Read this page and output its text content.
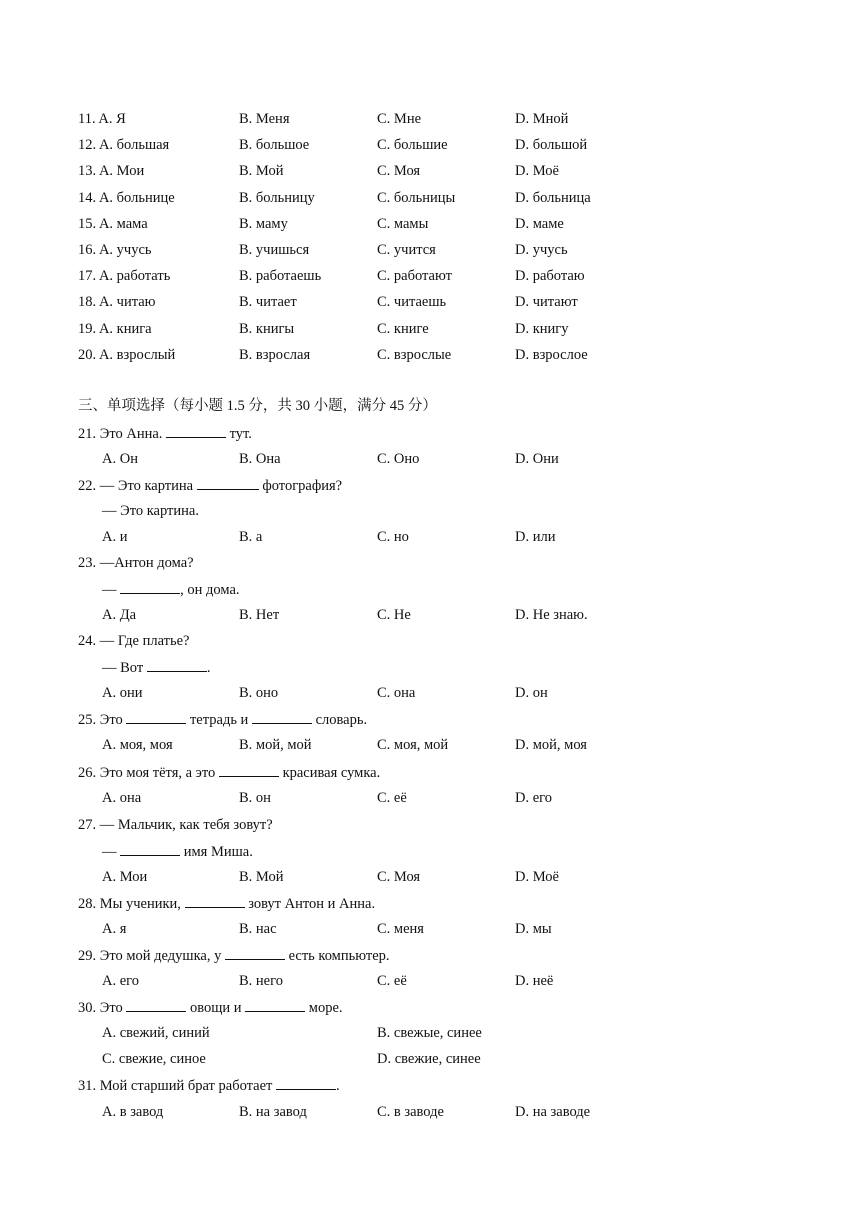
11. A. Я	B. Меня	C. Мне	D. Мной
12. A. большая	B. большое	C. большие	D. большой
13. A. Мои	B. Мой	C. Моя	D. Моё
14. A. больнице	B. больницу	C. больницы	D. больница
15. A. мама	B. маму	C. мамы	D. маме
16. A. учусь	B. учишься	C. учится	D. учусь
17. A. работать	B. работаешь	C. работают	D. работаю
18. A. читаю	B. читает	C. читаешь	D. читают
19. A. книга	B. книгы	C. книге	D. книгу
20. A. взрослый	B. взрослая	C. взрослые	D. взрослое
三、单项选择（每小题 1.5 分，共 30 小题，满分 45 分）
21. Это Анна.	тут.
A. Он	B. Она	C. Оно	D. Они
22. — Это картина	фотография?
— Это картина.
A. и	B. а	C. но	D. или
23. —Антон дома?
—	, он дома.
A. Да	B. Нет	C. Не	D. Не знаю.
24. — Где платье?
— Вот	.
A. они	B. оно	C. она	D. он
25. Это	тетрадь и	словарь.
A. моя, моя	B. мой, мой	C. моя, мой	D. мой, моя
26. Это моя тётя, а это	красивая сумка.
A. она	B. он	C. её	D. его
27. — Мальчик, как тебя зовут?
—	имя Миша.
A. Мои	B. Мой	C. Моя	D. Моё
28. Мы ученики,	зовут Антон и Анна.
A. я	B. нас	C. меня	D. мы
29. Это мой дедушка, у	есть компьютер.
A. его	B. него	C. её	D. неё
30. Это	овощи и	море.
A. свежий, синий	B. свежые, синее
C. свежие, синое	D. свежие, синее
31. Мой старший брат работает	.
A. в завод	B. на завод	C. в заводе	D. на заводе
